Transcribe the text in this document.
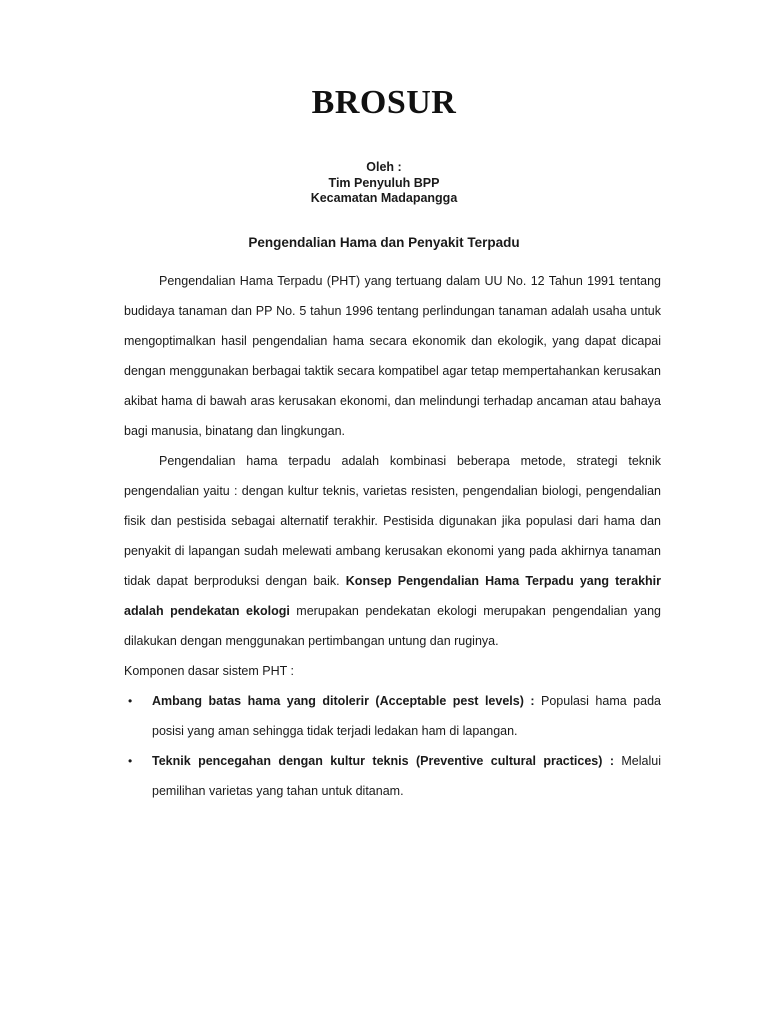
BROSUR
Oleh :
Tim Penyuluh BPP
Kecamatan Madapangga
Pengendalian Hama dan Penyakit Terpadu

Pengendalian Hama Terpadu (PHT) yang tertuang dalam UU No. 12 Tahun 1991 tentang budidaya tanaman dan PP No. 5 tahun 1996 tentang perlindungan tanaman adalah usaha untuk mengoptimalkan hasil pengendalian hama secara ekonomik dan ekologik, yang dapat dicapai dengan menggunakan berbagai taktik secara kompatibel agar tetap mempertahankan kerusakan akibat hama di bawah aras kerusakan ekonomi, dan melindungi terhadap ancaman atau bahaya bagi manusia, binatang dan lingkungan.

Pengendalian hama terpadu adalah kombinasi beberapa metode, strategi teknik pengendalian yaitu : dengan kultur teknis, varietas resisten, pengendalian biologi, pengendalian fisik dan pestisida sebagai alternatif terakhir. Pestisida digunakan jika populasi dari hama dan penyakit di lapangan sudah melewati ambang kerusakan ekonomi yang pada akhirnya tanaman tidak dapat berproduksi dengan baik. Konsep Pengendalian Hama Terpadu yang terakhir adalah pendekatan ekologi merupakan pendekatan ekologi merupakan pengendalian yang dilakukan dengan menggunakan pertimbangan untung dan ruginya.

Komponen dasar sistem PHT :

• Ambang batas hama yang ditolerir (Acceptable pest levels) : Populasi hama pada posisi yang aman sehingga tidak terjadi ledakan ham di lapangan.
• Teknik pencegahan dengan kultur teknis (Preventive cultural practices) : Melalui pemilihan varietas yang tahan untuk ditanam.
